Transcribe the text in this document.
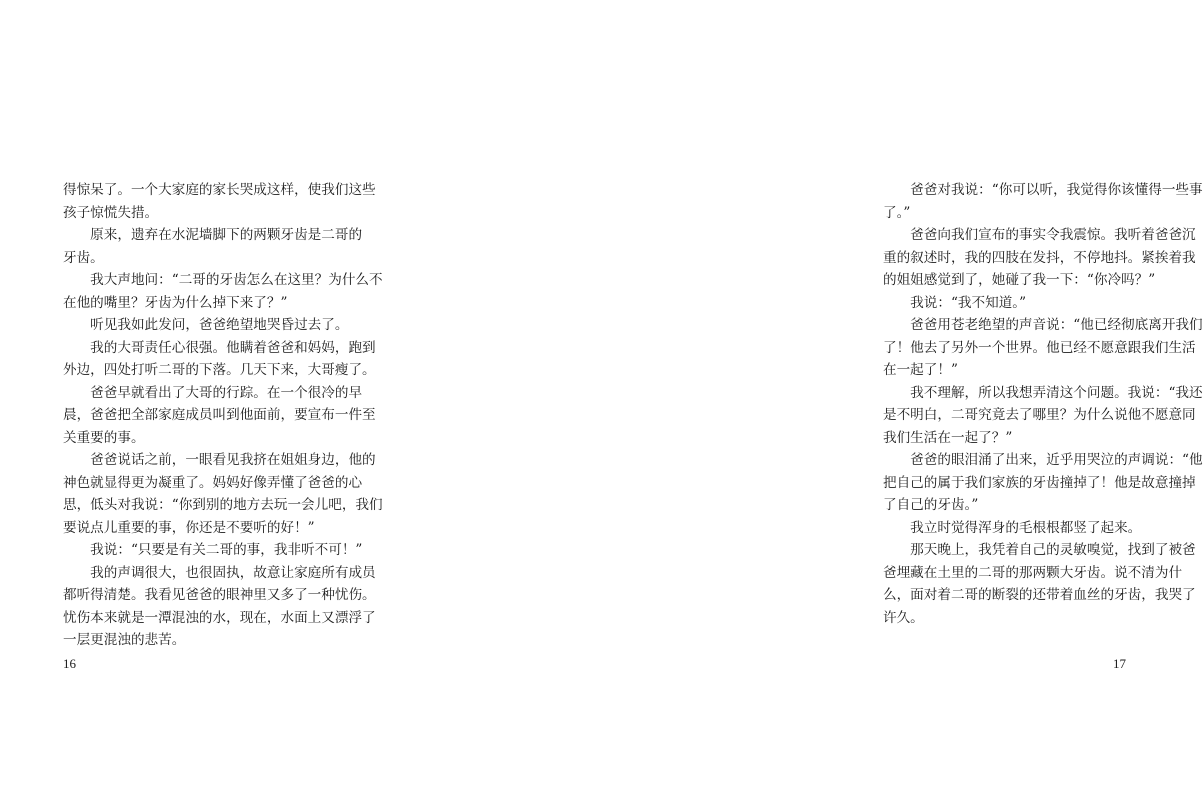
得惊呆了。一个大家庭的家长哭成这样，使我们这些
孩子惊慌失措。
　　原来，遗弃在水泥墙脚下的两颗牙齿是二哥的
牙齿。
　　我大声地问：“二哥的牙齿怎么在这里？为什么不
在他的嘴里？牙齿为什么掉下来了？”
　　听见我如此发问，爸爸绝望地哭昏过去了。
　　我的大哥责任心很强。他瞒着爸爸和妈妈，跑到
外边，四处打听二哥的下落。几天下来，大哥瘦了。
　　爸爸早就看出了大哥的行踪。在一个很冷的早
晨，爸爸把全部家庭成员叫到他面前，要宣布一件至
关重要的事。
　　爸爸说话之前，一眼看见我挤在姐姐身边，他的
神色就显得更为凝重了。妈妈好像弄懂了爸爸的心
思，低头对我说：“你到别的地方去玩一会儿吧，我们
要说点儿重要的事，你还是不要听的好！”
　　我说：“只要是有关二哥的事，我非听不可！”
　　我的声调很大，也很固执，故意让家庭所有成员
都听得清楚。我看见爸爸的眼神里又多了一种忧伤。
忧伤本来就是一潭混浊的水，现在，水面上又漂浮了
一层更混浊的悲苦。
16
　　爸爸对我说：“你可以听，我觉得你该懂得一些事
了。”
　　爸爸向我们宣布的事实令我震惊。我听着爸爸沉
重的叙述时，我的四肢在发抖，不停地抖。紧挨着我
的姐姐感觉到了，她碰了我一下：“你冷吗？”
　　我说：“我不知道。”
　　爸爸用苍老绝望的声音说：“他已经彻底离开我们
了！他去了另外一个世界。他已经不愿意跟我们生活
在一起了！”
　　我不理解，所以我想弄清这个问题。我说：“我还
是不明白，二哥究竟去了哪里？为什么说他不愿意同
我们生活在一起了？”
　　爸爸的眼泪涌了出来，近乎用哭泣的声调说：“他
把自己的属于我们家族的牙齿撞掉了！他是故意撞掉
了自己的牙齿。”
　　我立时觉得浑身的毛根根都竖了起来。
　　那天晚上，我凭着自己的灵敏嗅觉，找到了被爸
爸埋藏在土里的二哥的那两颗大牙齿。说不清为什
么，面对着二哥的断裂的还带着血丝的牙齿，我哭了
许久。
17
